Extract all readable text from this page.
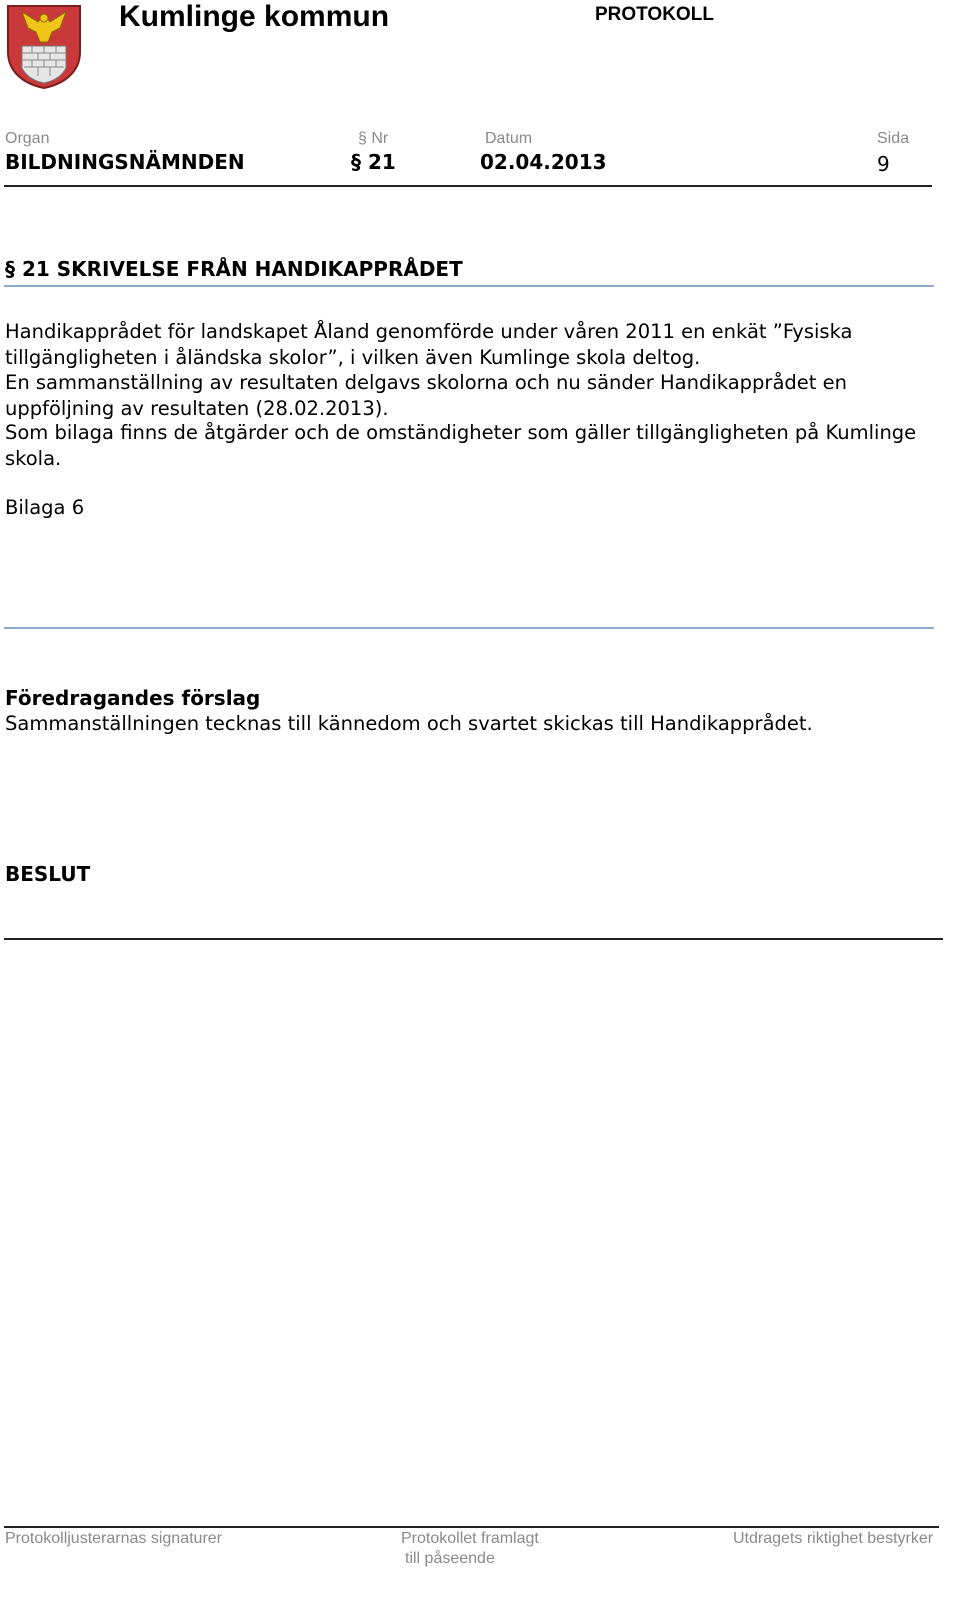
Kumlinge kommun	PROTOKOLL
Organ	§ Nr	Datum	Sida
BILDNINGSNÄMNDEN	§ 21	02.04.2013	9
§ 21 SKRIVELSE FRÅN HANDIKAPPRÅDET
Handikapprådet för landskapet Åland genomförde under våren 2011 en enkät ”Fysiska tillgängligheten i åländska skolor”, i vilken även Kumlinge skola deltog.
En sammanställning av resultaten delgavs skolorna och nu sänder Handikapprådet en uppföljning av resultaten (28.02.2013).
Som bilaga finns de åtgärder och de omständigheter som gäller tillgängligheten på Kumlinge skola.
Bilaga 6
Föredragandes förslag
Sammanställningen tecknas till kännedom och svartet skickas till Handikapprådet.
BESLUT
Protokolljusterarnas signaturer	Protokollet framlagt
till påseende
Utdragets riktighet bestyrker
